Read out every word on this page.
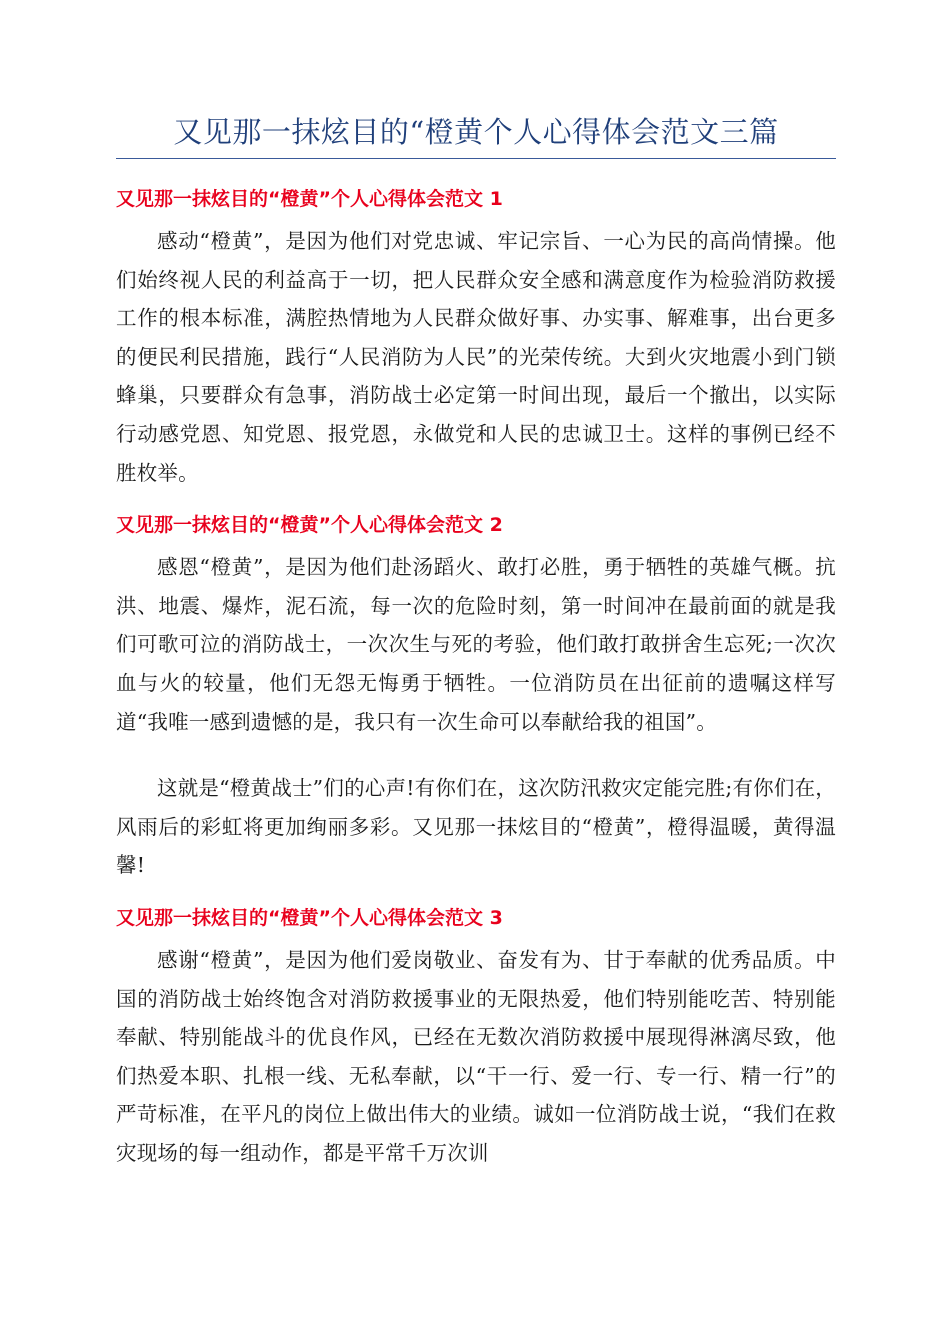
又见那一抹炫目的“橙黄个人心得体会范文三篇
又见那一抹炫目的“橙黄”个人心得体会范文 1

感动“橙黄”，是因为他们对党忠诚、牢记宗旨、一心为民的高尚情操。他们始终视人民的利益高于一切，把人民群众安全感和满意度作为检验消防救援工作的根本标准，满腔热情地为人民群众做好事、办实事、解难事，出台更多的便民利民措施，践行“人民消防为人民”的光荣传统。大到火灾地震小到门锁蜂巢，只要群众有急事，消防战士必定第一时间出现，最后一个撤出，以实际行动感党恩、知党恩、报党恩，永做党和人民的忠诚卫士。这样的事例已经不胜枚举。

又见那一抹炫目的“橙黄”个人心得体会范文 2

感恩“橙黄”，是因为他们赴汤蹈火、敢打必胜，勇于牺牲的英雄气概。抗洪、地震、爆炸，泥石流，每一次的危险时刻，第一时间冲在最前面的就是我们可歌可泣的消防战士，一次次生与死的考验，他们敢打敢拼舍生忘死;一次次血与火的较量，他们无怨无悔勇于牺牲。一位消防员在出征前的遗嘱这样写道“我唯一感到遗憾的是，我只有一次生命可以奉献给我的祖国”。

这就是“橙黄战士”们的心声!有你们在，这次防汛救灾定能完胜;有你们在，风雨后的彩虹将更加绚丽多彩。又见那一抹炫目的“橙黄”，橙得温暖，黄得温馨!

又见那一抹炫目的“橙黄”个人心得体会范文 3

感谢“橙黄”，是因为他们爱岗敬业、奋发有为、甘于奉献的优秀品质。中国的消防战士始终饱含对消防救援事业的无限热爱，他们特别能吃苦、特别能奉献、特别能战斗的优良作风，已经在无数次消防救援中展现得淋漓尽致，他们热爱本职、扎根一线、无私奉献，以“干一行、爱一行、专一行、精一行”的严苛标准，在平凡的岗位上做出伟大的业绩。诚如一位消防战士说，“我们在救灾现场的每一组动作，都是平常千万次训
